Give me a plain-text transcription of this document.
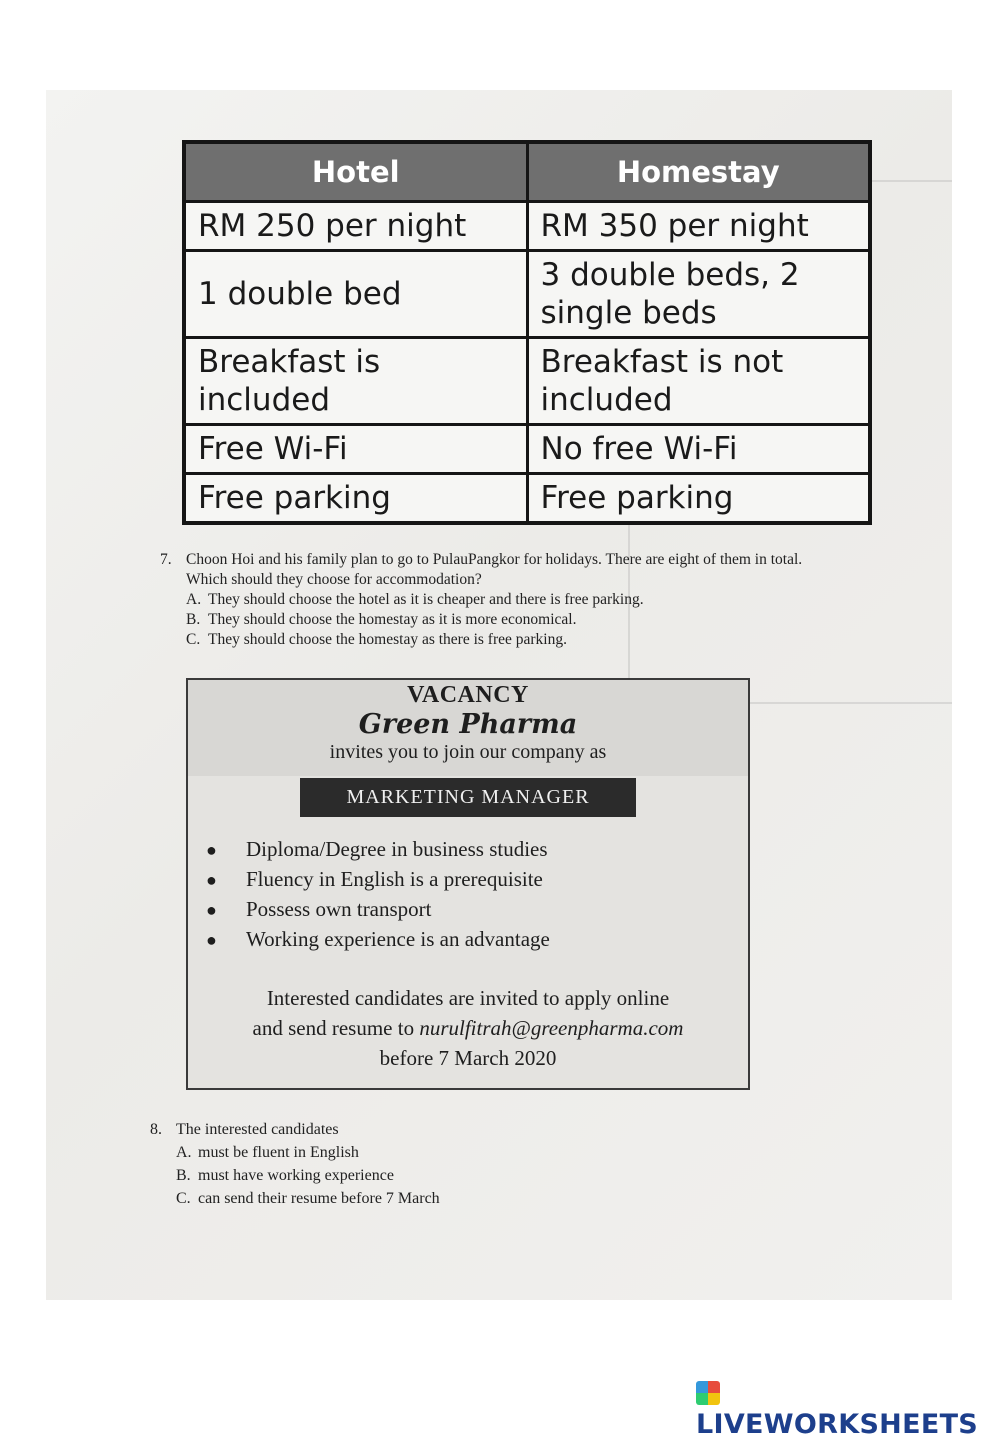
Hotel	Homestay
RM 250 per night	RM 350 per night
1 double bed	3 double beds, 2 single beds
Breakfast is included	Breakfast is not included
Free Wi-Fi	No free Wi-Fi
Free parking	Free parking
7. Choon Hoi and his family plan to go to PulauPangkor for holidays. There are eight of them in total.
Which should they choose for accommodation?
A. They should choose the hotel as it is cheaper and there is free parking.
B. They should choose the homestay as it is more economical.
C. They should choose the homestay as there is free parking.
VACANCY
Green Pharma
invites you to join our company as
MARKETING MANAGER
● Diploma/Degree in business studies
● Fluency in English is a prerequisite
● Possess own transport
● Working experience is an advantage
Interested candidates are invited to apply online
and send resume to nurulfitrah@greenpharma.com
before 7 March 2020
8. The interested candidates
A. must be fluent in English
B. must have working experience
C. can send their resume before 7 March
LIVEWORKSHEETS
